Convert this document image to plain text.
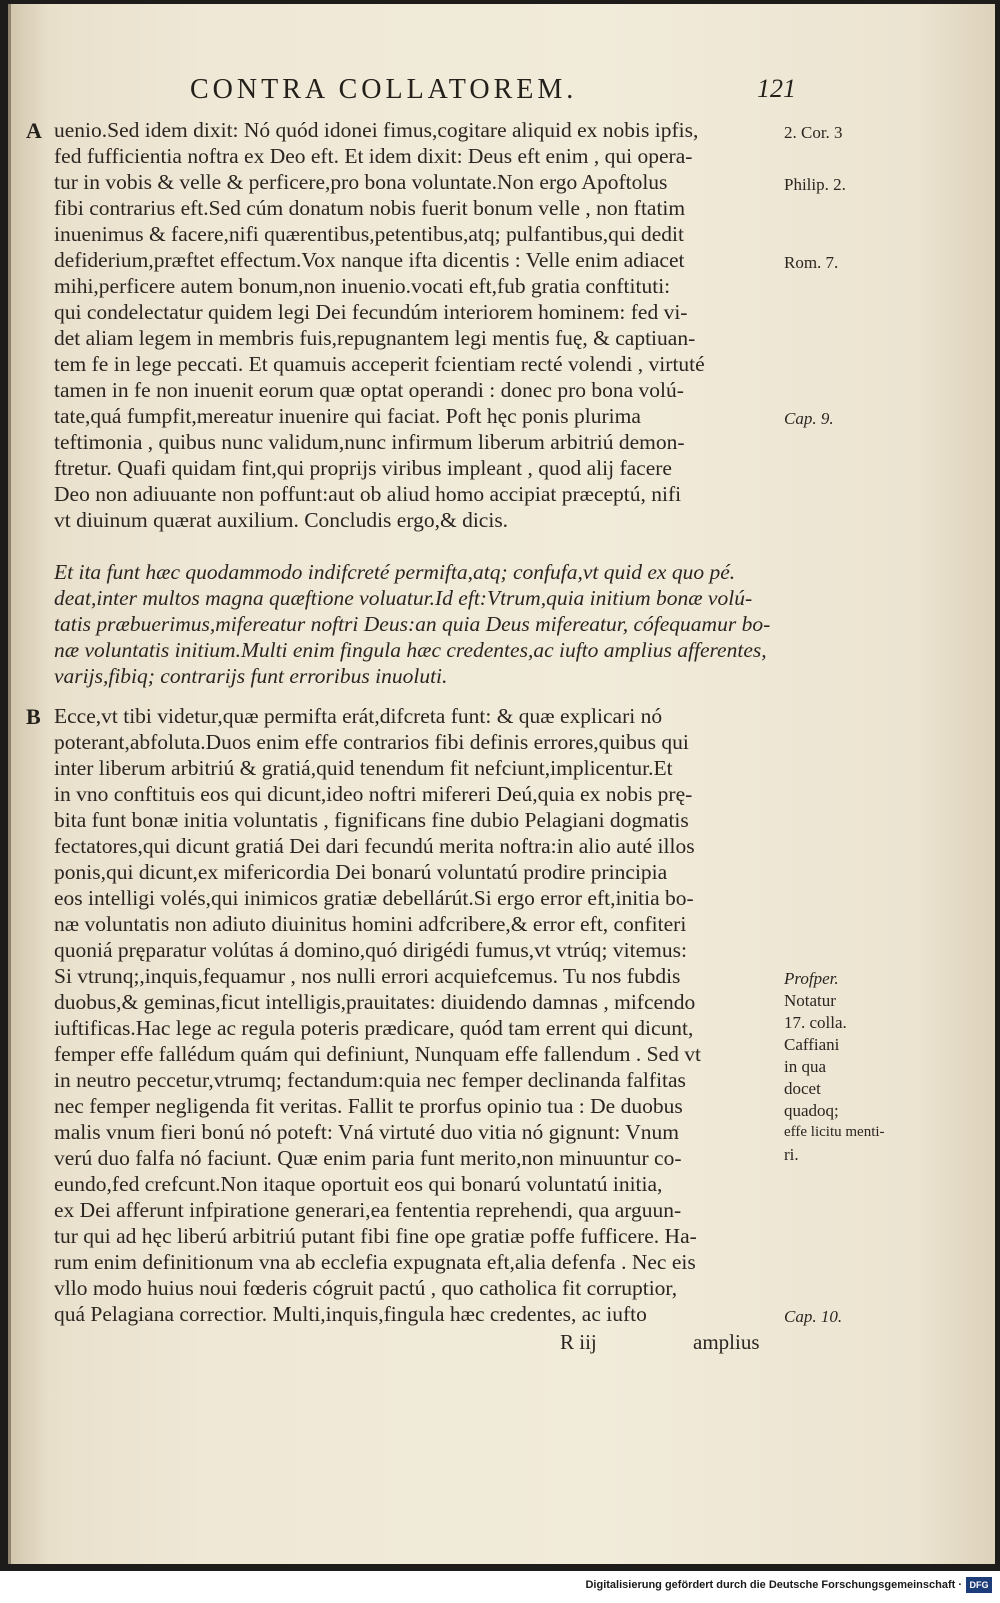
CONTRA COLLATOREM.	121
A uenio.Sed idem dixit: Nó quód idonei fimus,cogitare aliquid ex nobis ipfis,
fed fufficientia noftra ex Deo eft. Et idem dixit: Deus eft enim , qui opera-
tur in vobis & velle & perficere,pro bona voluntate.Non ergo Apoftolus
fibi contrarius eft.Sed cúm donatum nobis fuerit bonum velle , non ftatim
inuenimus & facere,nifi quærentibus,petentibus,atq; pulfantibus,qui dedit
defiderium,præftet effectum.Vox nanque ifta dicentis : Velle enim adiacet
mihi,perficere autem bonum,non inuenio.vocati eft,fub gratia conftituti:
qui condelectatur quidem legi Dei fecundúm interiorem hominem: fed vi-
det aliam legem in membris fuis,repugnantem legi mentis fuę, & captiuan-
tem fe in lege peccati. Et quamuis acceperit fcientiam recté volendi , virtuté
tamen in fe non inuenit eorum quæ optat operandi : donec pro bona volú-
tate,quá fumpfit,mereatur inuenire qui faciat. Poft hęc ponis plurima
teftimonia , quibus nunc validum,nunc infirmum liberum arbitriú demon-
ftretur. Quafi quidam fint,qui proprijs viribus impleant , quod alij facere
Deo non adiuuante non poffunt:aut ob aliud homo accipiat præceptú, nifi
vt diuinum quærat auxilium. Concludis ergo,& dicis.
Et ita funt hæc quodammodo indifcreté permifta,atq; confufa,vt quid ex quo pé.
deat,inter multos magna quæftione voluatur.Id eft:Vtrum,quia initium bonæ volú-
tatis præbuerimus,mifereatur noftri Deus:an quia Deus mifereatur, cófequamur bo-
næ voluntatis initium.Multi enim fingula hæc credentes,ac iufto amplius afferentes,
varijs,fibiq; contrarijs funt erroribus inuoluti.
B Ecce,vt tibi videtur,quæ permifta erát,difcreta funt: & quæ explicari nó
poterant,abfoluta.Duos enim effe contrarios fibi definis errores,quibus qui
inter liberum arbitriú & gratiá,quid tenendum fit nefciunt,implicentur.Et
in vno conftituis eos qui dicunt,ideo noftri mifereri Deú,quia ex nobis prę-
bita funt bonæ initia voluntatis , fignificans fine dubio Pelagiani dogmatis
fectatores,qui dicunt gratiá Dei dari fecundú merita noftra:in alio auté illos
ponis,qui dicunt,ex mifericordia Dei bonarú voluntatú prodire principia
eos intelligi volés,qui inimicos gratiæ debellárút.Si ergo error eft,initia bo-
næ voluntatis non adiuto diuinitus homini adfcribere,& error eft, confiteri
quoniá pręparatur volútas á domino,quó dirigédi fumus,vt vtrúq; vitemus:
Si vtrunq;,inquis,fequamur , nos nulli errori acquiefcemus. Tu nos fubdis
duobus,& geminas,ficut intelligis,prauitates: diuidendo damnas , mifcendo
iuftificas.Hac lege ac regula poteris prædicare, quód tam errent qui dicunt,
femper effe fallédum quám qui definiunt, Nunquam effe fallendum . Sed vt
in neutro peccetur,vtrumq; fectandum:quia nec femper declinanda falfitas
nec femper negligenda fit veritas. Fallit te prorfus opinio tua : De duobus
malis vnum fieri bonú nó poteft: Vná virtuté duo vitia nó gignunt: Vnum
verú duo falfa nó faciunt. Quæ enim paria funt merito,non minuuntur co-
eundo,fed crefcunt.Non itaque oportuit eos qui bonarú voluntatú initia,
ex Dei afferunt infpiratione generari,ea fententia reprehendi, qua arguun-
tur qui ad hęc liberú arbitriú putant fibi fine ope gratiæ poffe fufficere. Ha-
rum enim definitionum vna ab ecclefia expugnata eft,alia defenfa . Nec eis
vllo modo huius noui fœderis cógruit pactú , quo catholica fit corruptior,
quá Pelagiana correctior. Multi,inquis,fingula hæc credentes, ac iufto
2. Cor. 3
Philip. 2.
Rom. 7.
Cap. 9.
Profper.
Notatur
17. colla.
Caffiani
in qua
docet
quadoq;
effe licitu menti-
ri.
Cap. 10.
R iij	amplius
Digitalisierung gefördert durch die Deutsche Forschungsgemeinschaft · DFG
